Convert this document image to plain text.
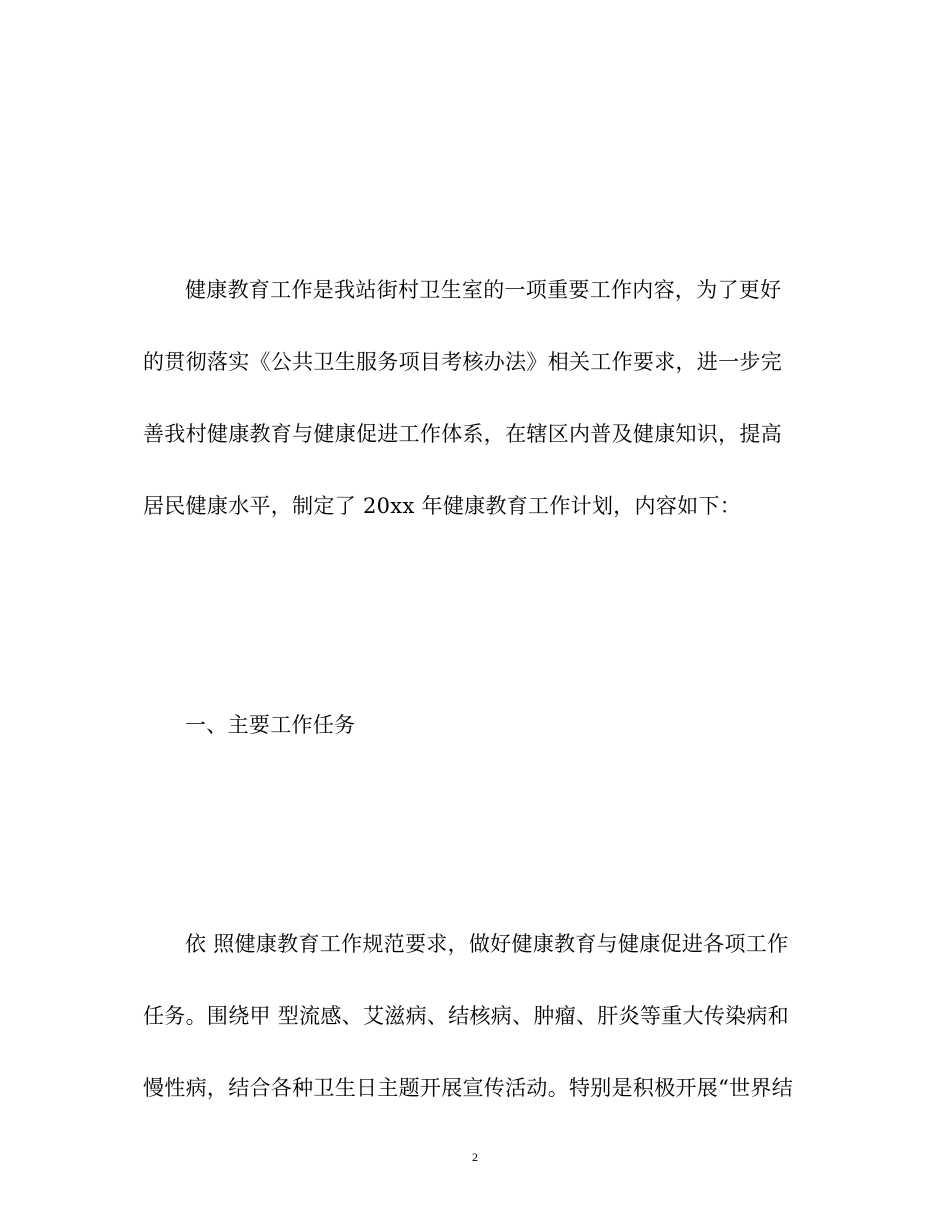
健康教育工作是我站街村卫生室的一项重要工作内容，为了更好
的贯彻落实《公共卫生服务项目考核办法》相关工作要求，进一步完
善我村健康教育与健康促进工作体系，在辖区内普及健康知识，提高
居民健康水平，制定了 20xx 年健康教育工作计划，内容如下：
一、主要工作任务
依 照健康教育工作规范要求，做好健康教育与健康促进各项工作
任务。围绕甲 型流感、艾滋病、结核病、肿瘤、肝炎等重大传染病和
慢性病，结合各种卫生日主题开展宣传活动。特别是积极开展“世界结
2
